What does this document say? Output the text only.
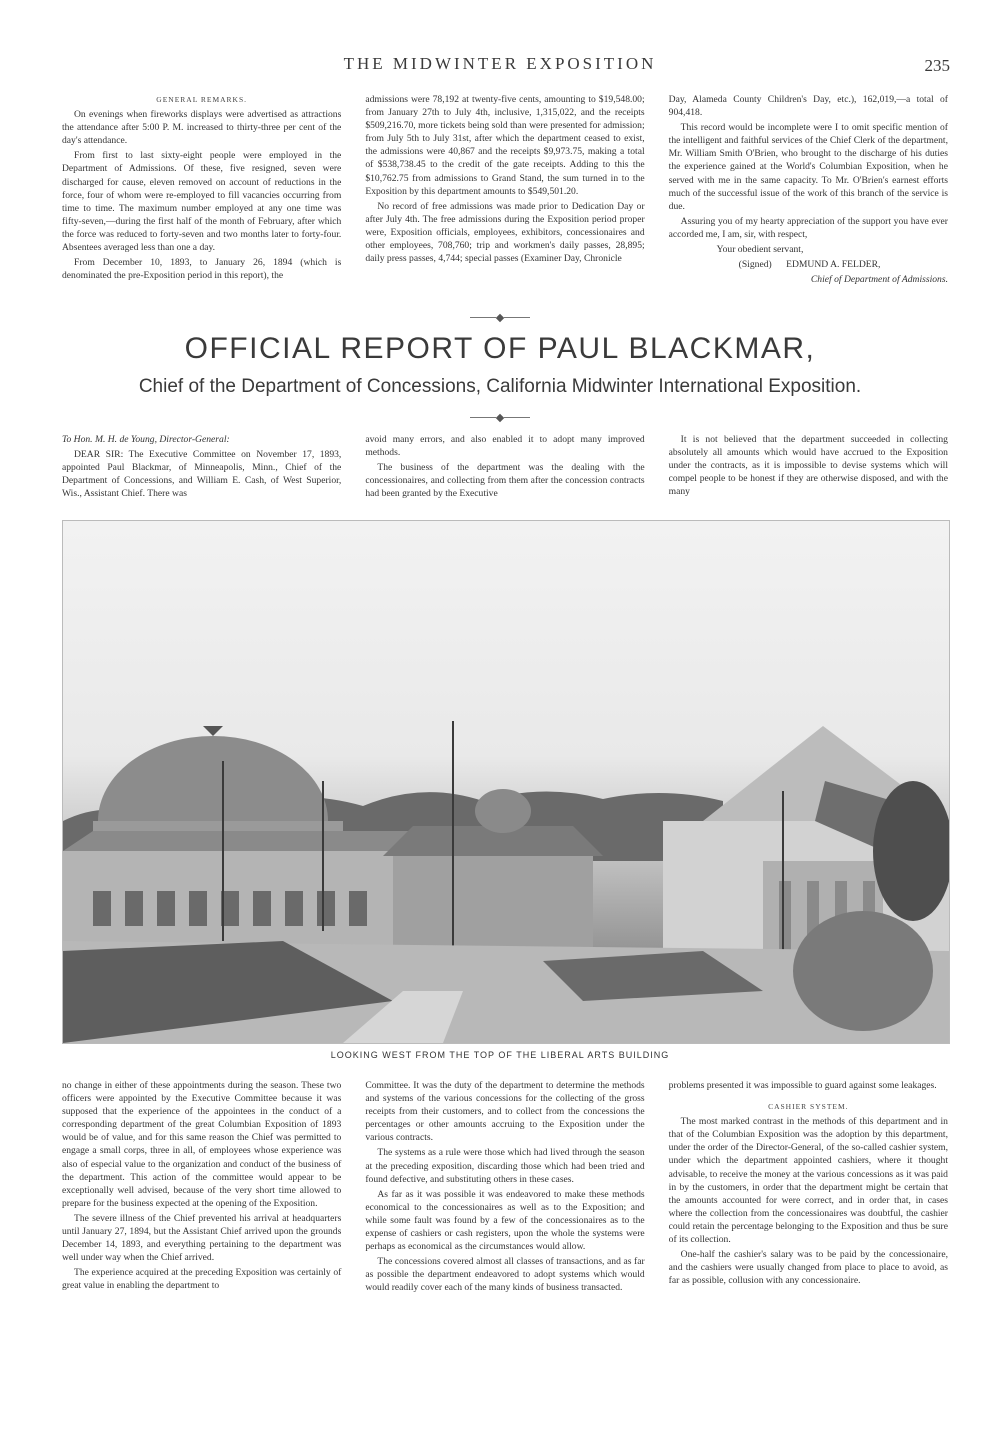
THE MIDWINTER EXPOSITION	235

GENERAL REMARKS.

On evenings when fireworks displays were advertised as attractions the attendance after 5:00 P. M. increased to thirty-three per cent of the day's attendance.

From first to last sixty-eight people were employed in the Department of Admissions. Of these, five resigned, seven were discharged for cause, eleven removed on account of reductions in the force, four of whom were re-employed to fill vacancies occurring from time to time. The maximum number employed at any one time was fifty-seven,—during the first half of the month of February, after which the force was reduced to forty-seven and two months later to forty-four. Absentees averaged less than one a day.

From December 10, 1893, to January 26, 1894 (which is denominated the pre-Exposition period in this report), the

admissions were 78,192 at twenty-five cents, amounting to $19,548.00; from January 27th to July 4th, inclusive, 1,315,022, and the receipts $509,216.70, more tickets being sold than were presented for admission; from July 5th to July 31st, after which the department ceased to exist, the admissions were 40,867 and the receipts $9,973.75, making a total of $538,738.45 to the credit of the gate receipts. Adding to this the $10,762.75 from admissions to Grand Stand, the sum turned in to the Exposition by this department amounts to $549,501.20.

No record of free admissions was made prior to Dedication Day or after July 4th. The free admissions during the Exposition period proper were, Exposition officials, employees, exhibitors, concessionaires and other employees, 708,760; trip and workmen's daily passes, 28,895; daily press passes, 4,744; special passes (Examiner Day, Chronicle

Day, Alameda County Children's Day, etc.), 162,019,—a total of 904,418.

This record would be incomplete were I to omit specific mention of the intelligent and faithful services of the Chief Clerk of the department, Mr. William Smith O'Brien, who brought to the discharge of his duties the experience gained at the World's Columbian Exposition, when he served with me in the same capacity. To Mr. O'Brien's earnest efforts much of the successful issue of the work of this branch of the service is due.

Assuring you of my hearty appreciation of the support you have ever accorded me, I am, sir, with respect,

Your obedient servant,

(Signed) EDMUND A. FELDER,

Chief of Department of Admissions.

OFFICIAL REPORT OF PAUL BLACKMAR,
Chief of the Department of Concessions, California Midwinter International Exposition.

To Hon. M. H. de Young, Director-General:

DEAR SIR: The Executive Committee on November 17, 1893, appointed Paul Blackmar, of Minneapolis, Minn., Chief of the Department of Concessions, and William E. Cash, of West Superior, Wis., Assistant Chief. There was

avoid many errors, and also enabled it to adopt many improved methods.

The business of the department was the dealing with the concessionaires, and collecting from them after the concession contracts had been granted by the Executive

It is not believed that the department succeeded in collecting absolutely all amounts which would have accrued to the Exposition under the contracts, as it is impossible to devise systems which will compel people to be honest if they are otherwise disposed, and with the many

LOOKING WEST FROM THE TOP OF THE LIBERAL ARTS BUILDING

no change in either of these appointments during the season. These two officers were appointed by the Executive Committee because it was supposed that the experience of the appointees in the conduct of a corresponding department of the great Columbian Exposition of 1893 would be of value, and for this same reason the Chief was permitted to engage a small corps, three in all, of employees whose experience was also of especial value to the organization and conduct of the business of the department. This action of the committee would appear to be exceptionally well advised, because of the very short time allowed to prepare for the business expected at the opening of the Exposition.

The severe illness of the Chief prevented his arrival at headquarters until January 27, 1894, but the Assistant Chief arrived upon the grounds December 14, 1893, and everything pertaining to the department was well under way when the Chief arrived.

The experience acquired at the preceding Exposition was certainly of great value in enabling the department to

Committee. It was the duty of the department to determine the methods and systems of the various concessions for the collecting of the gross receipts from their customers, and to collect from the concessions the percentages or other amounts accruing to the Exposition under the various contracts.

The systems as a rule were those which had lived through the season at the preceding exposition, discarding those which had been tried and found defective, and substituting others in these cases.

As far as it was possible it was endeavored to make these methods economical to the concessionaires as well as to the Exposition; and while some fault was found by a few of the concessionaires as to the expense of cashiers or cash registers, upon the whole the systems were perhaps as economical as the circumstances would allow.

The concessions covered almost all classes of transactions, and as far as possible the department endeavored to adopt systems which would would readily cover each of the many kinds of business transacted.

problems presented it was impossible to guard against some leakages.

CASHIER SYSTEM.

The most marked contrast in the methods of this department and in that of the Columbian Exposition was the adoption by this department, under the order of the Director-General, of the so-called cashier system, under which the department appointed cashiers, where it thought advisable, to receive the money at the various concessions as it was paid in by the customers, in order that the department might be certain that the amounts accounted for were correct, and in order that, in cases where the collection from the concessionaires was doubtful, the cashier could retain the percentage belonging to the Exposition and thus be sure of its collection.

One-half the cashier's salary was to be paid by the concessionaire, and the cashiers were usually changed from place to place to avoid, as far as possible, collusion with any concessionaire.
